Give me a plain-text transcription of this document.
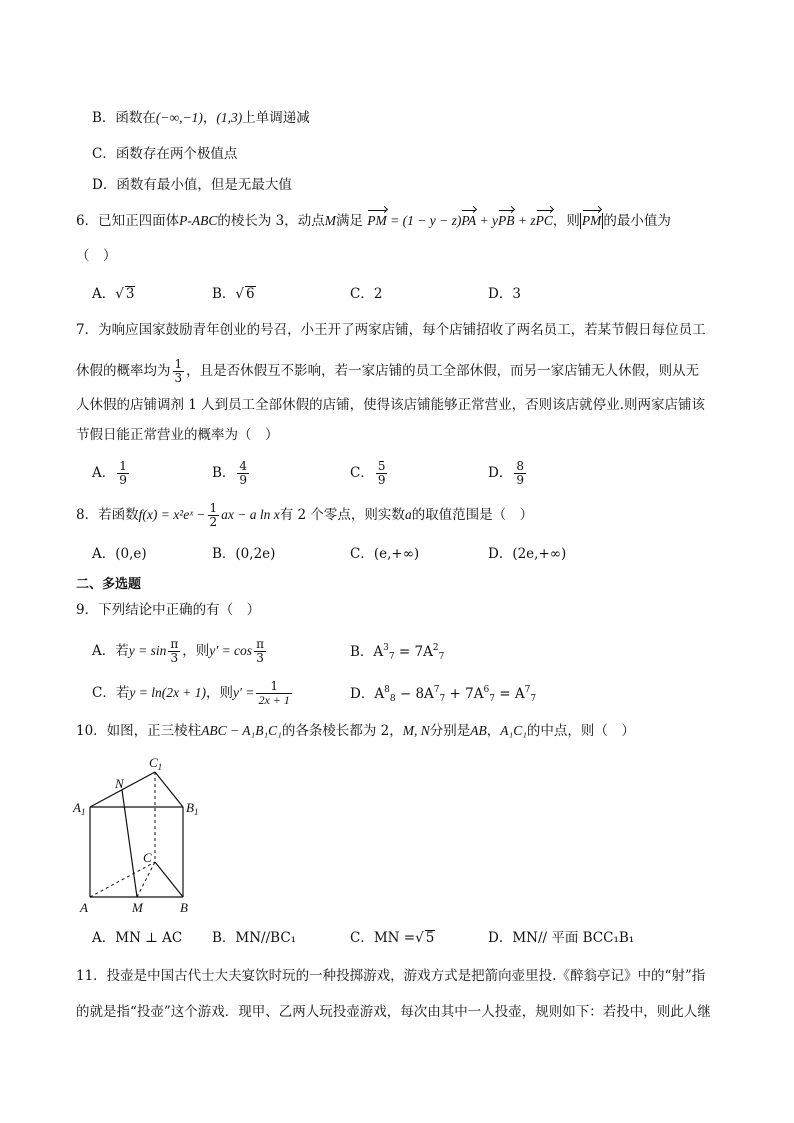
B．函数在(−∞,−1)，(1,3)上单调递减
C．函数存在两个极值点
D．函数有最小值，但是无最大值
6．已知正四面体P-ABC的棱长为 3，动点M满足 PM = (1 − y − z)PA + yPB + zPC，则 PM 的最小值为
（　）
A．√ 3	B．√ 6	C．2	D．3
7．为响应国家鼓励青年创业的号召，小王开了两家店铺，每个店铺招收了两名员工，若某节假日每位员工
休假的概率均为 $\frac{1}{3}$ ，且是否休假互不影响，若一家店铺的员工全部休假，而另一家店铺无人休假，则从无
人休假的店铺调剂 1 人到员工全部休假的店铺，使得该店铺能够正常营业，否则该店就停业.则两家店铺该
节假日能正常营业的概率为（　）
A． $\frac{1}{9}$	B． $\frac{4}{9}$	C． $\frac{5}{9}$	D． $\frac{8}{9}$
8．若函数f(x) = x²eˣ − $\frac{1}{2}$ ax − a ln x有 2 个零点，则实数a的取值范围是（　）
A．(0,e)	B．(0,2e)	C．(e,+∞)	D．(2e,+∞)
二、多选题
9．下列结论中正确的有（　）
A．若$y = \sin \frac{\pi}{3}$ ，则$y' = \cos \frac{\pi}{3}$	B．$A^3_7 = 7A^2_7$
C．若y = ln(2x + 1)，则$y' = \frac{1}{2x + 1}$	D．$A^8_8 - 8A^7_7 + 7A^6_7 = A^7_7$
10．如图，正三棱柱ABC − A₁B₁C₁的各条棱长都为 2，M, N分别是AB，A₁C₁的中点，则（　）
$C_1$
N
$A_1$	$B_1$
C
A	M	B
A．MN ⊥ AC B．MN//BC₁	C．MN =√ 5	D．MN// 平面 BCC₁B₁
11．投壶是中国古代士大夫宴饮时玩的一种投掷游戏，游戏方式是把箭向壶里投.《醉翁亭记》中的“射”指
的就是指“投壶”这个游戏．现甲、乙两人玩投壶游戏，每次由其中一人投壶，规则如下：若投中，则此人继
